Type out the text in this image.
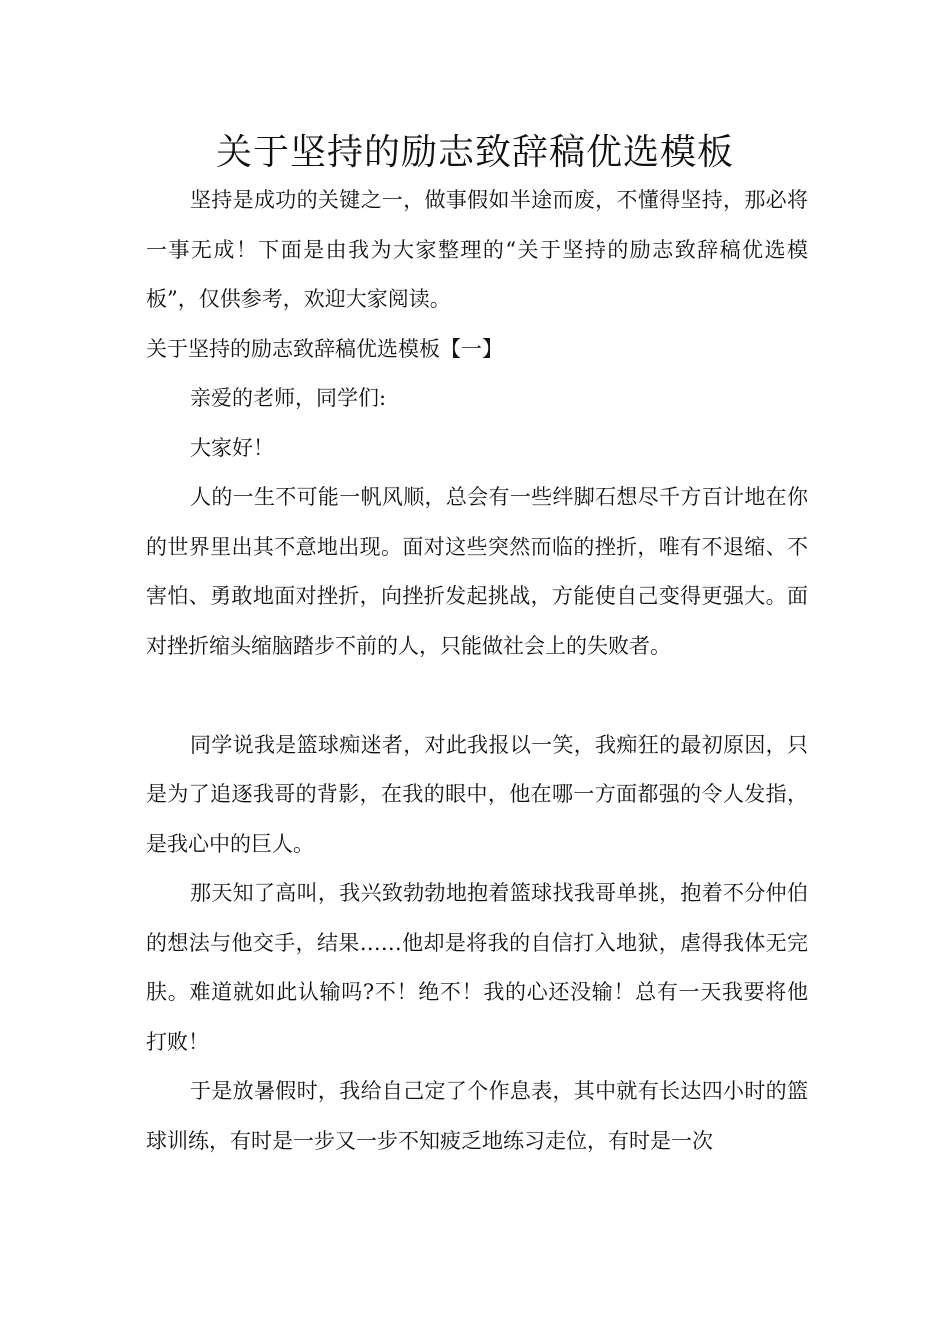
关于坚持的励志致辞稿优选模板

坚持是成功的关键之一，做事假如半途而废，不懂得坚持，那必将一事无成！下面是由我为大家整理的“关于坚持的励志致辞稿优选模板”，仅供参考，欢迎大家阅读。

关于坚持的励志致辞稿优选模板【一】

亲爱的老师，同学们:

大家好！

人的一生不可能一帆风顺，总会有一些绊脚石想尽千方百计地在你的世界里出其不意地出现。面对这些突然而临的挫折，唯有不退缩、不害怕、勇敢地面对挫折，向挫折发起挑战，方能使自己变得更强大。面对挫折缩头缩脑踏步不前的人，只能做社会上的失败者。

同学说我是篮球痴迷者，对此我报以一笑，我痴狂的最初原因，只是为了追逐我哥的背影，在我的眼中，他在哪一方面都强的令人发指，是我心中的巨人。

那天知了高叫，我兴致勃勃地抱着篮球找我哥单挑，抱着不分仲伯的想法与他交手，结果……他却是将我的自信打入地狱，虐得我体无完肤。难道就如此认输吗?不！绝不！我的心还没输！总有一天我要将他打败！

于是放暑假时，我给自己定了个作息表，其中就有长达四小时的篮球训练，有时是一步又一步不知疲乏地练习走位，有时是一次
